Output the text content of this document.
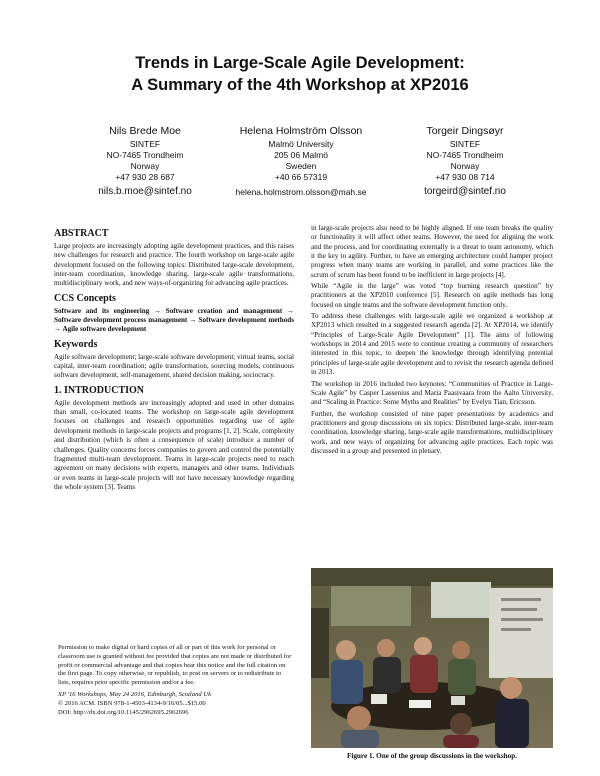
Trends in Large-Scale Agile Development:
A Summary of the 4th Workshop at XP2016
Nils Brede Moe
SINTEF
NO-7465 Trondheim
Norway
+47 930 28 687
nils.b.moe@sintef.no
Helena Holmström Olsson
Malmö University
205 06 Malmö
Sweden
+40 66 57319
helena.holmstrom.olsson@mah.se
Torgeir Dingsøyr
SINTEF
NO-7465 Trondheim
Norway
+47 930 08 714
torgeird@sintef.no
ABSTRACT

Large projects are increasingly adopting agile development practices, and this raises new challenges for research and practice. The fourth workshop on large-scale agile development focused on the following topics: Distributed large-scale development, inter-team coordination, knowledge sharing, large-scale agile transformations, multidisciplinary work, and new ways-of-organizing for advancing agile practices.

CCS Concepts

Software and its engineering → Software creation and management → Software development process management → Software development methods → Agile software development

Keywords

Agile software development; large-scale software development; virtual teams, social capital, inter-team coordination; agile transformation, sourcing models, continuous software development, self-management, shared decision making, sociocracy.

1. INTRODUCTION

Agile development methods are increasingly adopted and used in other domains than small, co-located teams. The workshop on large-scale agile development focuses on challenges and research opportunities regarding use of agile development methods in large-scale projects and programs [1, 2]. Scale, complexity and distribution (which is often a consequence of scale) introduce a number of challenges. Quality concerns forces companies to govern and control the potentially fragmented multi-team development. Teams in large-scale projects need to reach agreement on many decisions with experts, managers and other teams. Individuals or even teams in large-scale projects will not have necessary knowledge regarding the whole system [3]. Teams

Permission to make digital or hard copies of all or part of this work for personal or classroom use is granted without fee provided that copies are not made or distributed for profit or commercial advantage and that copies bear this notice and the full citation on the first page. To copy otherwise, or republish, to post on servers or to redistribute to lists, requires prior specific permission and/or a fee.
XP '16 Workshops, May 24 2016, Edinburgh, Scotland Uk
© 2016 ACM. ISBN 978-1-4503-4134-9/16/05...$15.00
DOI: http://dx.doi.org/10.1145/2962695.2962696

in large-scale projects also need to be highly aligned. If one team breaks the quality or functionality it will affect other teams. However, the need for aligning the work and the process, and for coordinating externally is a threat to team autonomy, which it the key to agility. Further, to have an emerging architecture could hamper project progress when many teams are working in parallel, and some practices like the scrum of scrum has been found to be inefficient in large projects [4].

While “Agile in the large” was voted “top burning research question” by practitioners at the XP2010 conference [5]. Research on agile methods has long focused on single teams and the software development function only.

To address these challenges with large-scale agile we organized a workshop at XP2013 which resulted in a suggested research agenda [2]. At XP2014, we identify “Principles of Large-Scale Agile Development” [1]. The aims of following workshops in 2014 and 2015 were to continue creating a community of researchers interested in this topic, to deepen the knowledge through identifying potential principles of large-scale agile development and to revisit the research agenda defined in 2013.

The workshop in 2016 included two keynotes: “Communities of Practice in Large-Scale Agile” by Casper Lassenius and Maria Paasivaara from the Aalto University, and “Scaling in Practice: Some Myths and Realities” by Evelyn Tian, Ericsson.

Further, the workshop consisted of nine paper presentations by academics and practitioners and group discussions on six topics: Distributed large-scale, inter-team coordination, knowledge sharing, large-scale agile transformations, multidisciplinary work, and new ways of organizing for advancing agile practices. Each topic was discussed in a group and presented in plenary.

Figure 1. One of the group discussions in the workshop.
